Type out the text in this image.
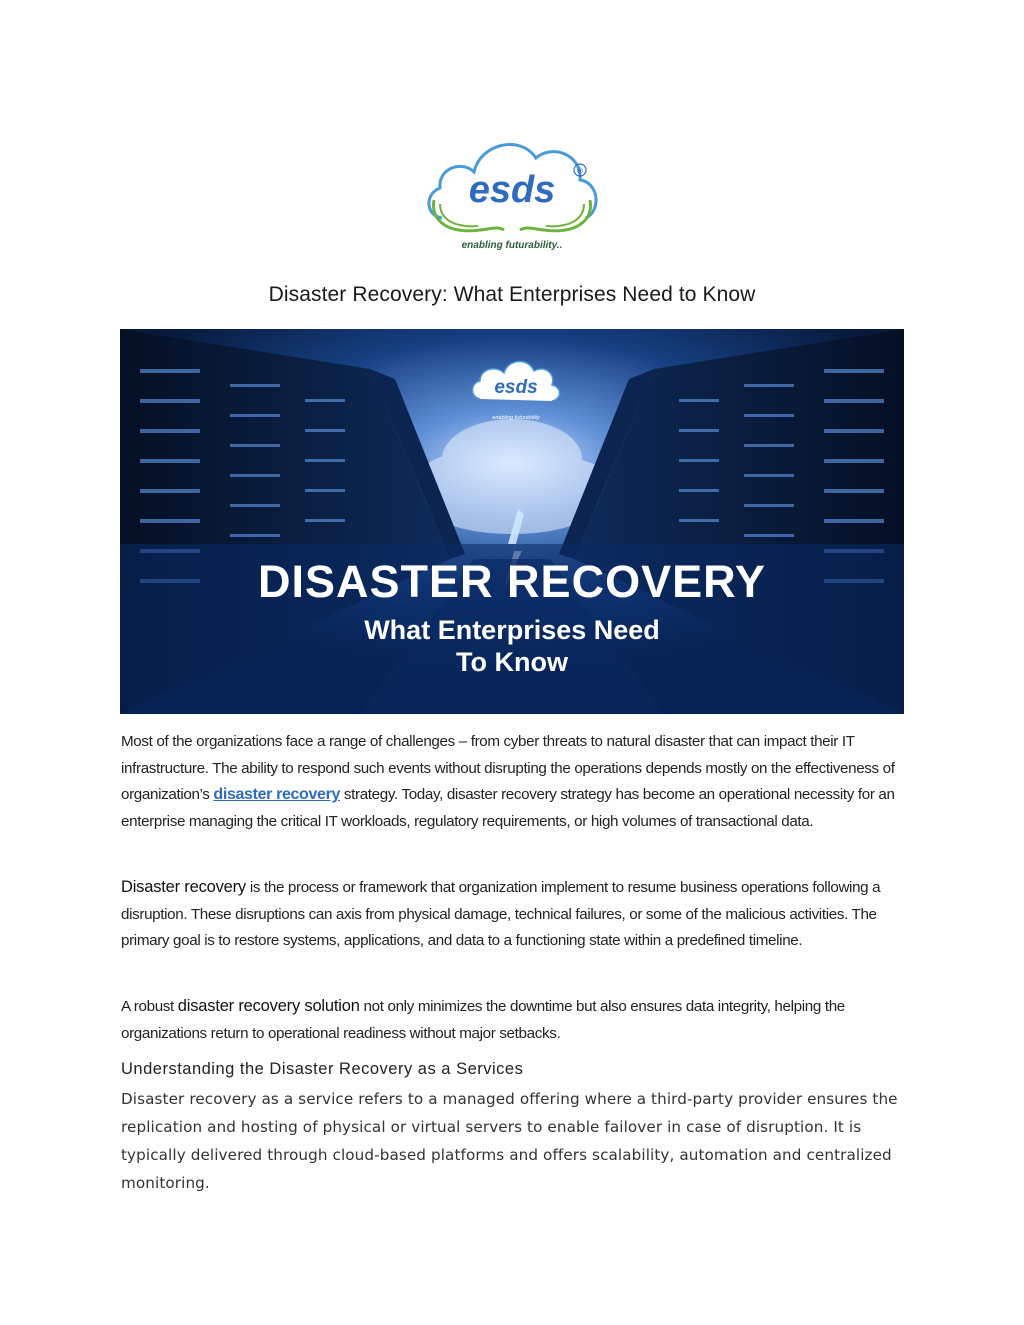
esds	®
enabling futurability..
Disaster Recovery: What Enterprises Need to Know
esds
enabling futurability
DISASTER RECOVERY
What Enterprises Need
To Know
Most of the organizations face a range of challenges – from cyber threats to natural disaster that can impact their IT infrastructure. The ability to respond such events without disrupting the operations depends mostly on the effectiveness of organization’s disaster recovery strategy. Today, disaster recovery strategy has become an operational necessity for an enterprise managing the critical IT workloads, regulatory requirements, or high volumes of transactional data.
Disaster recovery is the process or framework that organization implement to resume business operations following a disruption. These disruptions can axis from physical damage, technical failures, or some of the malicious activities. The primary goal is to restore systems, applications, and data to a functioning state within a predefined timeline.
A robust disaster recovery solution not only minimizes the downtime but also ensures data integrity, helping the organizations return to operational readiness without major setbacks.
Understanding the Disaster Recovery as a Services
Disaster recovery as a service refers to a managed offering where a third-party provider ensures the replication and hosting of physical or virtual servers to enable failover in case of disruption. It is typically delivered through cloud-based platforms and offers scalability, automation and centralized monitoring.
